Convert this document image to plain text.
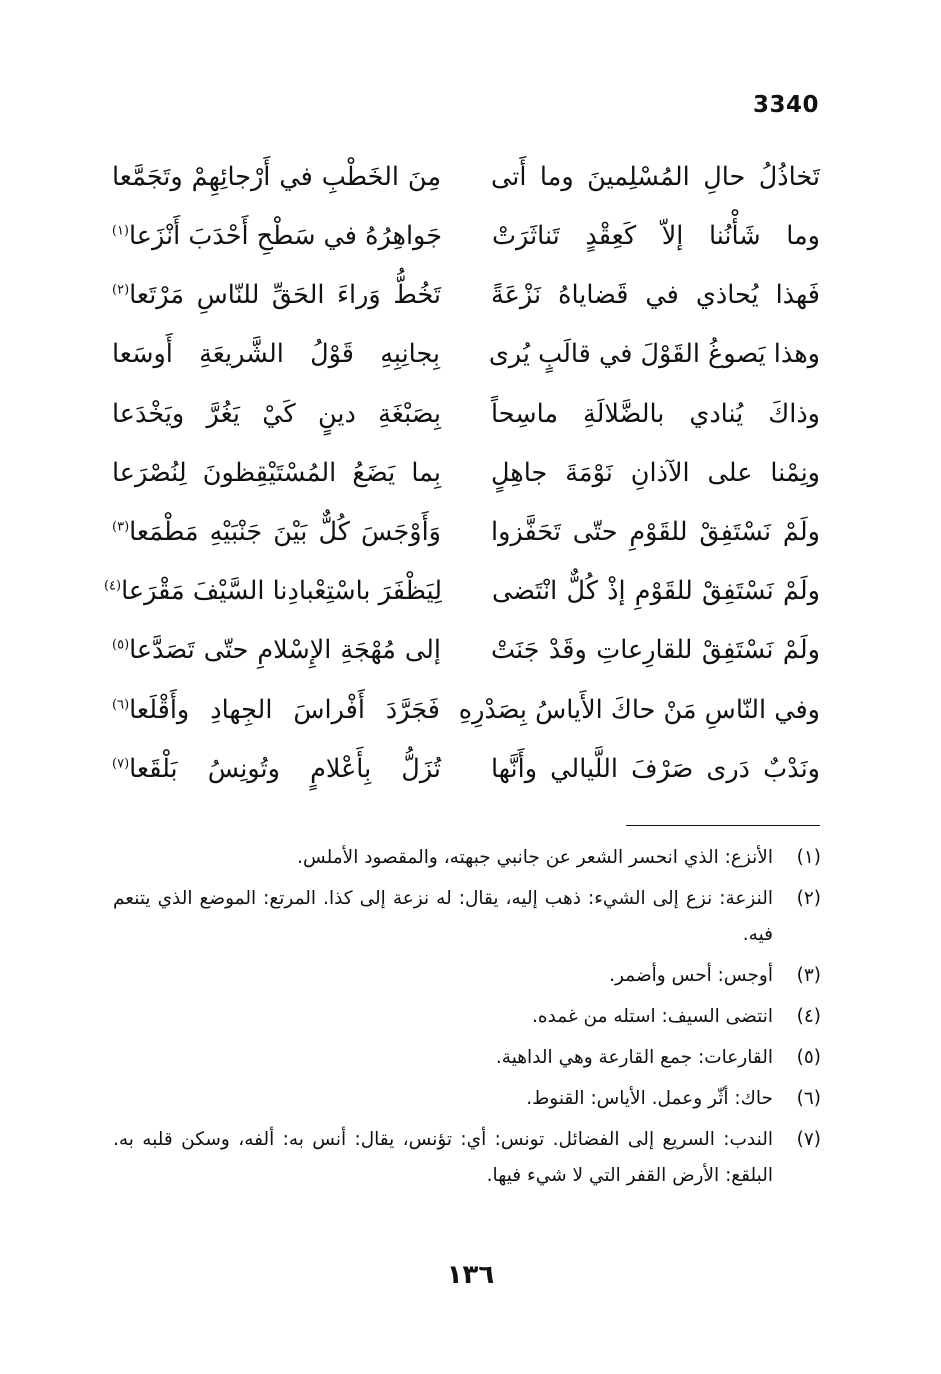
3340
تَخاذُلُ حالِ المُسْلِمينَ وما أَتى
مِنَ الخَطْبِ في أَرْجائِهِمْ وتَجَمَّعا
وما شَأْنُنا إلاّ كَعِقْدٍ تَناثَرَتْ
جَواهِرُهُ في سَطْحِ أَحْدَبَ أَنْزَعا$^{(١)}$
فَهذا يُحاذي في قَضاياهُ نَزْعَةً
تَخُطُّ وَراءَ الحَقِّ للنّاسِ مَرْتَعا$^{(٢)}$
وهذا يَصوغُ القَوْلَ في قالَبٍ يُرى
بِجانِبِهِ قَوْلُ الشَّريعَةِ أَوسَعا
وذاكَ يُنادي بالضَّلالَةِ ماسِحاً
بِصَبْغَةِ دينٍ كَيْ يَغُرَّ ويَخْدَعا
ونِمْنا على الآذانِ نَوْمَةَ جاهِلٍ
بِما يَضَعُ المُسْتَيْقِظونَ لِنُصْرَعا
ولَمْ نَسْتَفِقْ للقَوْمِ حتّى تَحَفَّزوا
وَأَوْجَسَ كُلٌّ بَيْنَ جَنْبَيْهِ مَطْمَعا$^{(٣)}$
ولَمْ نَسْتَفِقْ للقَوْمِ إذْ كُلٌّ انْتَضى
لِيَظْفَرَ باسْتِعْبادِنا السَّيْفَ مَقْرَعا$^{(٤)}$
ولَمْ نَسْتَفِقْ للقارِعاتِ وقَدْ جَنَتْ
إلى مُهْجَةِ الإِسْلامِ حتّى تَصَدَّعا$^{(٥)}$
وفي النّاسِ مَنْ حاكَ الأَياسُ بِصَدْرِهِ
فَجَرَّدَ أَفْراسَ الجِهادِ وأَقْلَعا$^{(٦)}$
ونَدْبٌ دَرى صَرْفَ اللَّيالي وأَنَّها
تُزَلُّ بِأَعْلامٍ وتُونِسُ بَلْقَعا$^{(٧)}$
(١)
الأنزع: الذي انحسر الشعر عن جانبي جبهته، والمقصود الأملس.
(٢)
النزعة: نزع إلى الشيء: ذهب إليه، يقال: له نزعة إلى كذا. المرتع: الموضع الذي يتنعم فيه.
(٣)
أوجس: أحس وأضمر.
(٤)
انتضى السيف: استله من غمده.
(٥)
القارعات: جمع القارعة وهي الداهية.
(٦)
حاك: أثّر وعمل. الأياس: القنوط.
(٧)
الندب: السريع إلى الفضائل. تونس: أي: تؤنس، يقال: أنس به: ألفه، وسكن قلبه به. البلقع: الأرض القفر التي لا شيء فيها.
١٣٦
